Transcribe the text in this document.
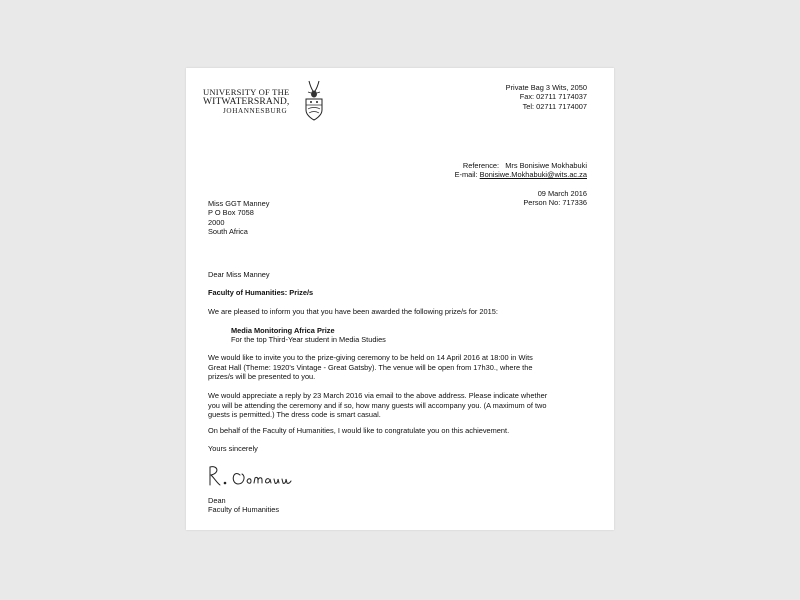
UNIVERSITY OF THE
WITWATERSRAND,
JOHANNESBURG
Private Bag 3 Wits, 2050
Fax: 02711 7174037
Tel: 02711 7174007
Reference: Mrs Bonisiwe Mokhabuki
E-mail: Bonisiwe.Mokhabuki@wits.ac.za
09 March 2016
Person No: 717336
Miss GGT Manney
P O Box 7058
2000
South Africa
Dear Miss Manney
Faculty of Humanities: Prize/s
We are pleased to inform you that you have been awarded the following prize/s for 2015:
Media Monitoring Africa Prize
For the top Third-Year student in Media Studies
We would like to invite you to the prize-giving ceremony to be held on 14 April 2016 at 18:00 in Wits
Great Hall (Theme: 1920's Vintage - Great Gatsby). The venue will be open from 17h30., where the
prizes/s will be presented to you.
We would appreciate a reply by 23 March 2016 via email to the above address. Please indicate whether
you will be attending the ceremony and if so, how many guests will accompany you. (A maximum of two
guests is permitted.) The dress code is smart casual.
On behalf of the Faculty of Humanities, I would like to congratulate you on this achievement.
Yours sincerely
Dean
Faculty of Humanities
